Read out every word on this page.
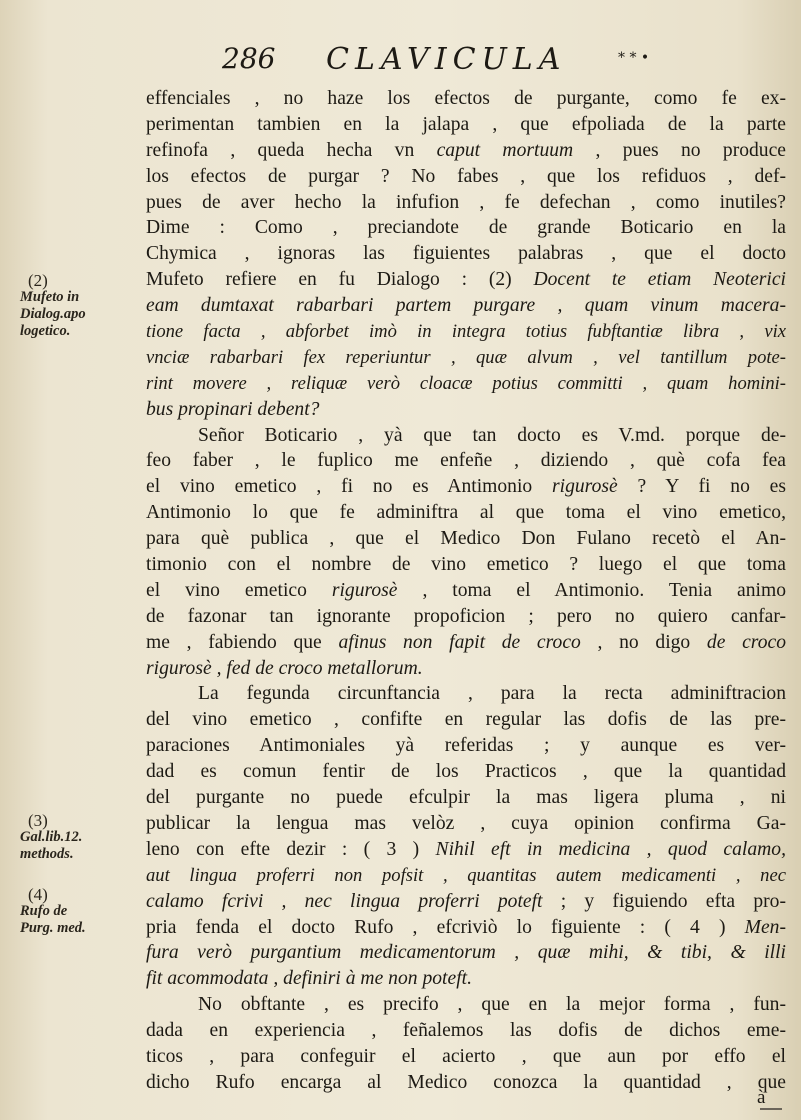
286 CLAVICULA	* * •
effenciales , no haze los efectos de purgante, como fe ex-
perimentan tambien en la jalapa , que efpoliada de la parte
refinofa , queda hecha vn caput mortuum , pues no produce
los efectos de purgar ? No fabes , que los refiduos , def-
pues de aver hecho la infufion , fe defechan , como inutiles?
Dime : Como , preciandote de grande Boticario en la
Chymica , ignoras las figuientes palabras , que el docto
Mufeto refiere en fu Dialogo : (2) Docent te etiam Neoterici
eam dumtaxat rabarbari partem purgare , quam vinum macera-
tione facta , abforbet imò in integra totius fubftantiæ libra , vix
vnciæ rabarbari fex reperiuntur , quæ alvum , vel tantillum pote-
rint movere , reliquæ verò cloacæ potius committi , quam homini-
bus propinari debent?
Señor Boticario , yà que tan docto es V.md. porque de-
feo faber , le fuplico me enfeñe , diziendo , què cofa fea
el vino emetico , fi no es Antimonio rigurosè ? Y fi no es
Antimonio lo que fe adminiftra al que toma el vino emetico,
para què publica , que el Medico Don Fulano recetò el An-
timonio con el nombre de vino emetico ? luego el que toma
el vino emetico rigurosè , toma el Antimonio. Tenia animo
de fazonar tan ignorante propoficion ; pero no quiero canfar-
me , fabiendo que afinus non fapit de croco , no digo de croco
rigurosè , fed de croco metallorum.
La fegunda circunftancia , para la recta adminiftracion
del vino emetico , confifte en regular las dofis de las pre-
paraciones Antimoniales yà referidas ; y aunque es ver-
dad es comun fentir de los Practicos , que la quantidad
del purgante no puede efculpir la mas ligera pluma , ni
publicar la lengua mas velòz , cuya opinion confirma Ga-
leno con efte dezir : ( 3 ) Nihil eft in medicina , quod calamo,
aut lingua proferri non pofsit , quantitas autem medicamenti , nec
calamo fcrivi , nec lingua proferri poteft ; y figuiendo efta pro-
pria fenda el docto Rufo , efcriviò lo figuiente : ( 4 ) Men-
fura verò purgantium medicamentorum , quæ mihi, & tibi, & illi
fit acommodata , definiri à me non poteft.
No obftante , es precifo , que en la mejor forma , fun-
dada en experiencia , feñalemos las dofis de dichos eme-
ticos , para confeguir el acierto , que aun por effo el
dicho Rufo encarga al Medico conozca la quantidad , que
(2)
Mufeto in
Dialog.apo
logetico.
(3)
Gal.lib.12.
methods.
(4)
Rufo de
Purg. med.
à
